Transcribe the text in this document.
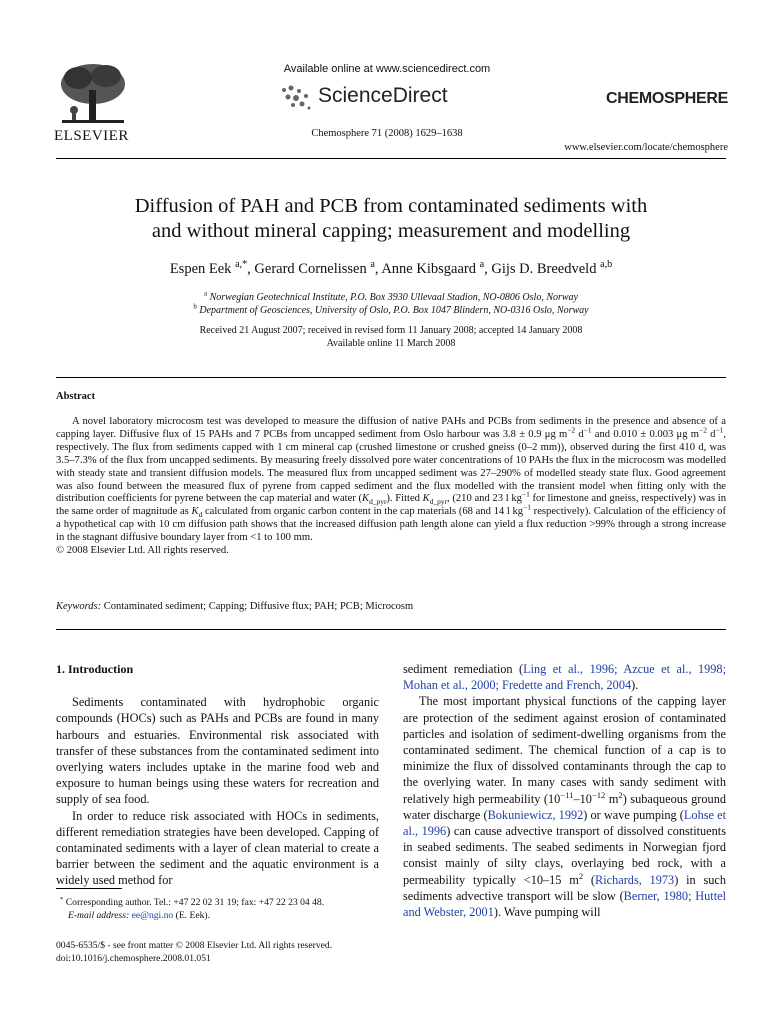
ELSEVIER
Available online at www.sciencedirect.com
ScienceDirect
Chemosphere 71 (2008) 1629–1638
CHEMOSPHERE
www.elsevier.com/locate/chemosphere
Diffusion of PAH and PCB from contaminated sediments with
and without mineral capping; measurement and modelling
Espen Eek $^{a,*}$, Gerard Cornelissen $^a$, Anne Kibsgaard $^a$, Gijs D. Breedveld $^{a,b}$
$^a$ Norwegian Geotechnical Institute, P.O. Box 3930 Ullevaal Stadion, NO-0806 Oslo, Norway
$^b$ Department of Geosciences, University of Oslo, P.O. Box 1047 Blindern, NO-0316 Oslo, Norway
Received 21 August 2007; received in revised form 11 January 2008; accepted 14 January 2008
Available online 11 March 2008
Abstract
A novel laboratory microcosm test was developed to measure the diffusion of native PAHs and PCBs from sediments in the presence and absence of a capping layer. Diffusive flux of 15 PAHs and 7 PCBs from uncapped sediment from Oslo harbour was 3.8 ± 0.9 μg $m^{-2}$ $d^{-1}$ and 0.010 ± 0.003 μg $m^{-2}$ $d^{-1}$, respectively. The flux from sediments capped with 1 cm mineral cap (crushed limestone or crushed gneiss (0–2 mm)), observed during the first 410 d, was 3.5–7.3% of the flux from uncapped sediments. By measuring freely dissolved pore water concentrations of 10 PAHs the flux in the microcosm was modelled with steady state and transient diffusion models. The measured flux from uncapped sediment was 27–290% of modelled steady state flux. Good agreement was also found between the measured flux of pyrene from capped sediment and the flux modelled with the transient model when fitting only with the distribution coefficients for pyrene between the cap material and water $(K_{d\_pyr})$. Fitted $K_{d\_pyr}$, (210 and 23 l $kg^{-1}$ for limestone and gneiss, respectively) was in the same order of magnitude as $K_d$ calculated from organic carbon content in the cap materials (68 and 14 l $kg^{-1}$ respectively). Calculation of the efficiency of a hypothetical cap with 10 cm diffusion path shows that the increased diffusion path length alone can yield a flux reduction >99% through a strong increase in the stagnant diffusive boundary layer from <1 to 100 mm.
© 2008 Elsevier Ltd. All rights reserved.
Keywords: Contaminated sediment; Capping; Diffusive flux; PAH; PCB; Microcosm
1. Introduction

Sediments contaminated with hydrophobic organic compounds (HOCs) such as PAHs and PCBs are found in many harbours and estuaries. Environmental risk associated with transfer of these substances from the contaminated sediment into overlying waters includes uptake in the marine food web and exposure to human beings using these waters for recreation and supply of sea food.

In order to reduce risk associated with HOCs in sediments, different remediation strategies have been developed. Capping of contaminated sediments with a layer of clean material to create a barrier between the sediment and the aquatic environment is a widely used method for

* Corresponding author. Tel.: +47 22 02 31 19; fax: +47 22 23 04 48.
E-mail address: ee@ngi.no (E. Eek).
0045-6535/$ - see front matter © 2008 Elsevier Ltd. All rights reserved.
doi:10.1016/j.chemosphere.2008.01.051

sediment remediation (Ling et al., 1996; Azcue et al., 1998; Mohan et al., 2000; Fredette and French, 2004).

The most important physical functions of the capping layer are protection of the sediment against erosion of contaminated particles and isolation of sediment-dwelling organisms from the contaminated sediment. The chemical function of a cap is to minimize the flux of dissolved contaminants through the cap to the overlying water. In many cases with sandy sediment with relatively high permeability ($10^{-11}-10^{-12}$ $m^2$) subaqueous ground water discharge (Bokuniewicz, 1992) or wave pumping (Lohse et al., 1996) can cause advective transport of dissolved constituents in seabed sediments. The seabed sediments in Norwegian fjord consist mainly of silty clays, overlaying bed rock, with a permeability typically <10–15 $m^2$ (Richards, 1973) in such sediments advective transport will be slow (Berner, 1980; Huttel and Webster, 2001). Wave pumping will
